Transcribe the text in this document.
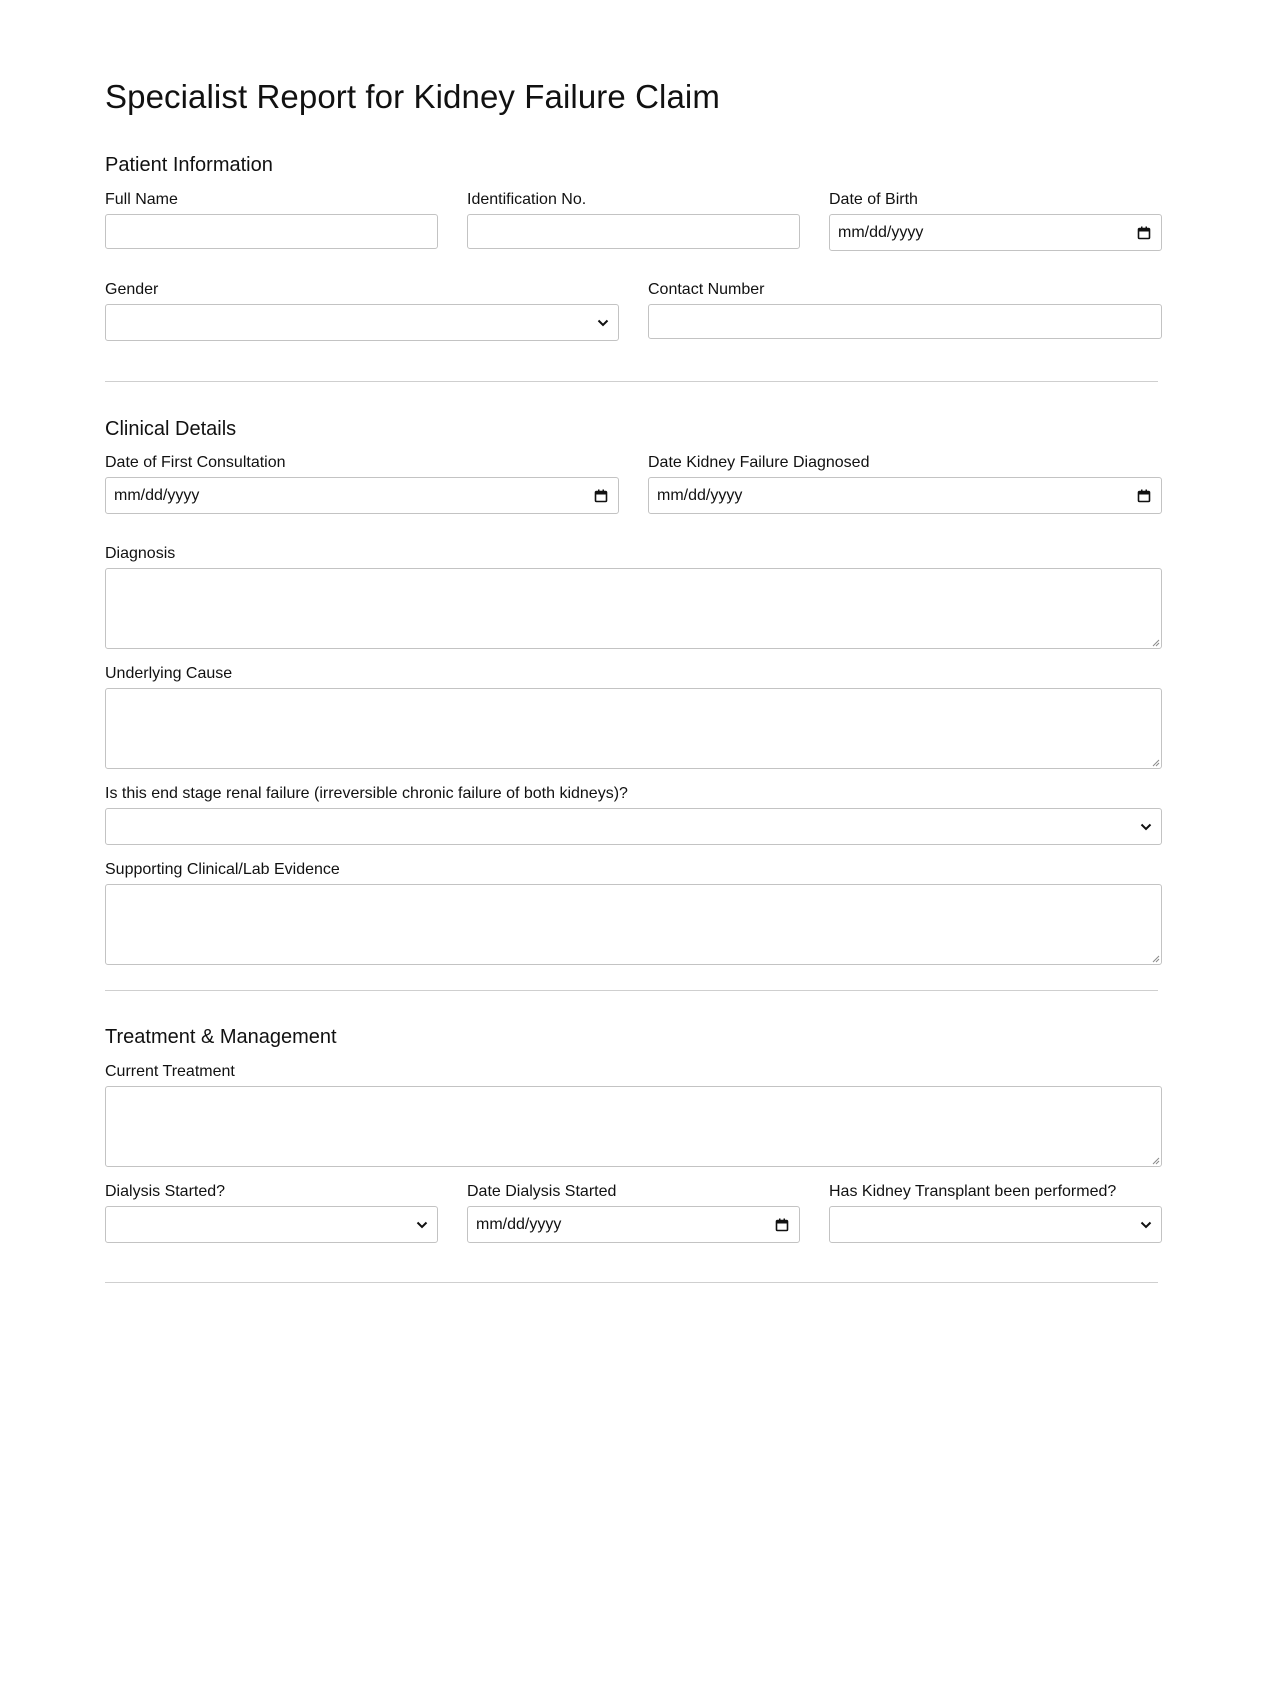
Specialist Report for Kidney Failure Claim
Patient Information
Full Name	Identification No.	Date of Birth
mm/dd/yyyy
Gender	Contact Number
Clinical Details
Date of First Consultation
mm/dd/yyyy
Date Kidney Failure Diagnosed
mm/dd/yyyy
Diagnosis
Underlying Cause
Is this end stage renal failure (irreversible chronic failure of both kidneys)?
Supporting Clinical/Lab Evidence
Treatment & Management
Current Treatment
Dialysis Started?	Date Dialysis Started
mm/dd/yyyy
Has Kidney Transplant been performed?
